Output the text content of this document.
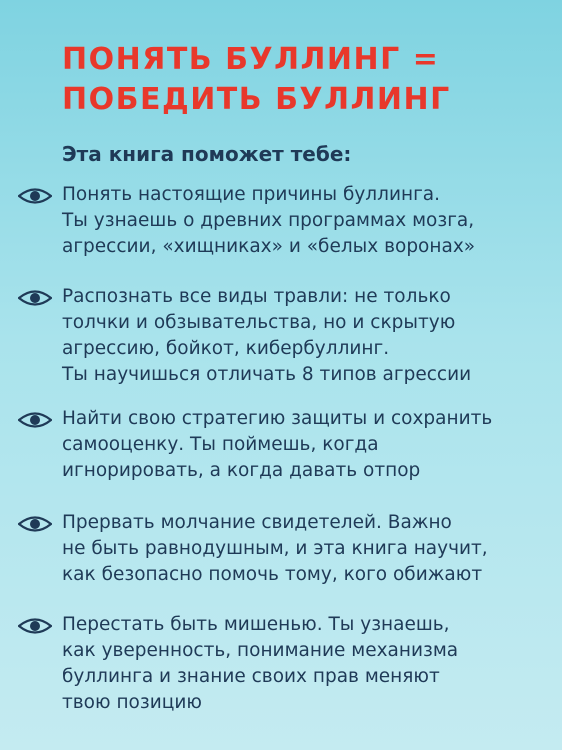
ПОНЯТЬ БУЛЛИНГ =
ПОБЕДИТЬ БУЛЛИНГ

Эта книга поможет тебе:

Понять настоящие причины буллинга.
Ты узнаешь о древних программах мозга,
агрессии, «хищниках» и «белых воронах»
Распознать все виды травли: не только
толчки и обзывательства, но и скрытую
агрессию, бойкот, кибербуллинг.
Ты научишься отличать 8 типов агрессии
Найти свою стратегию защиты и сохранить
самооценку. Ты поймешь, когда
игнорировать, а когда давать отпор
Прервать молчание свидетелей. Важно
не быть равнодушным, и эта книга научит,
как безопасно помочь тому, кого обижают
Перестать быть мишенью. Ты узнаешь,
как уверенность, понимание механизма
буллинга и знание своих прав меняют
твою позицию
